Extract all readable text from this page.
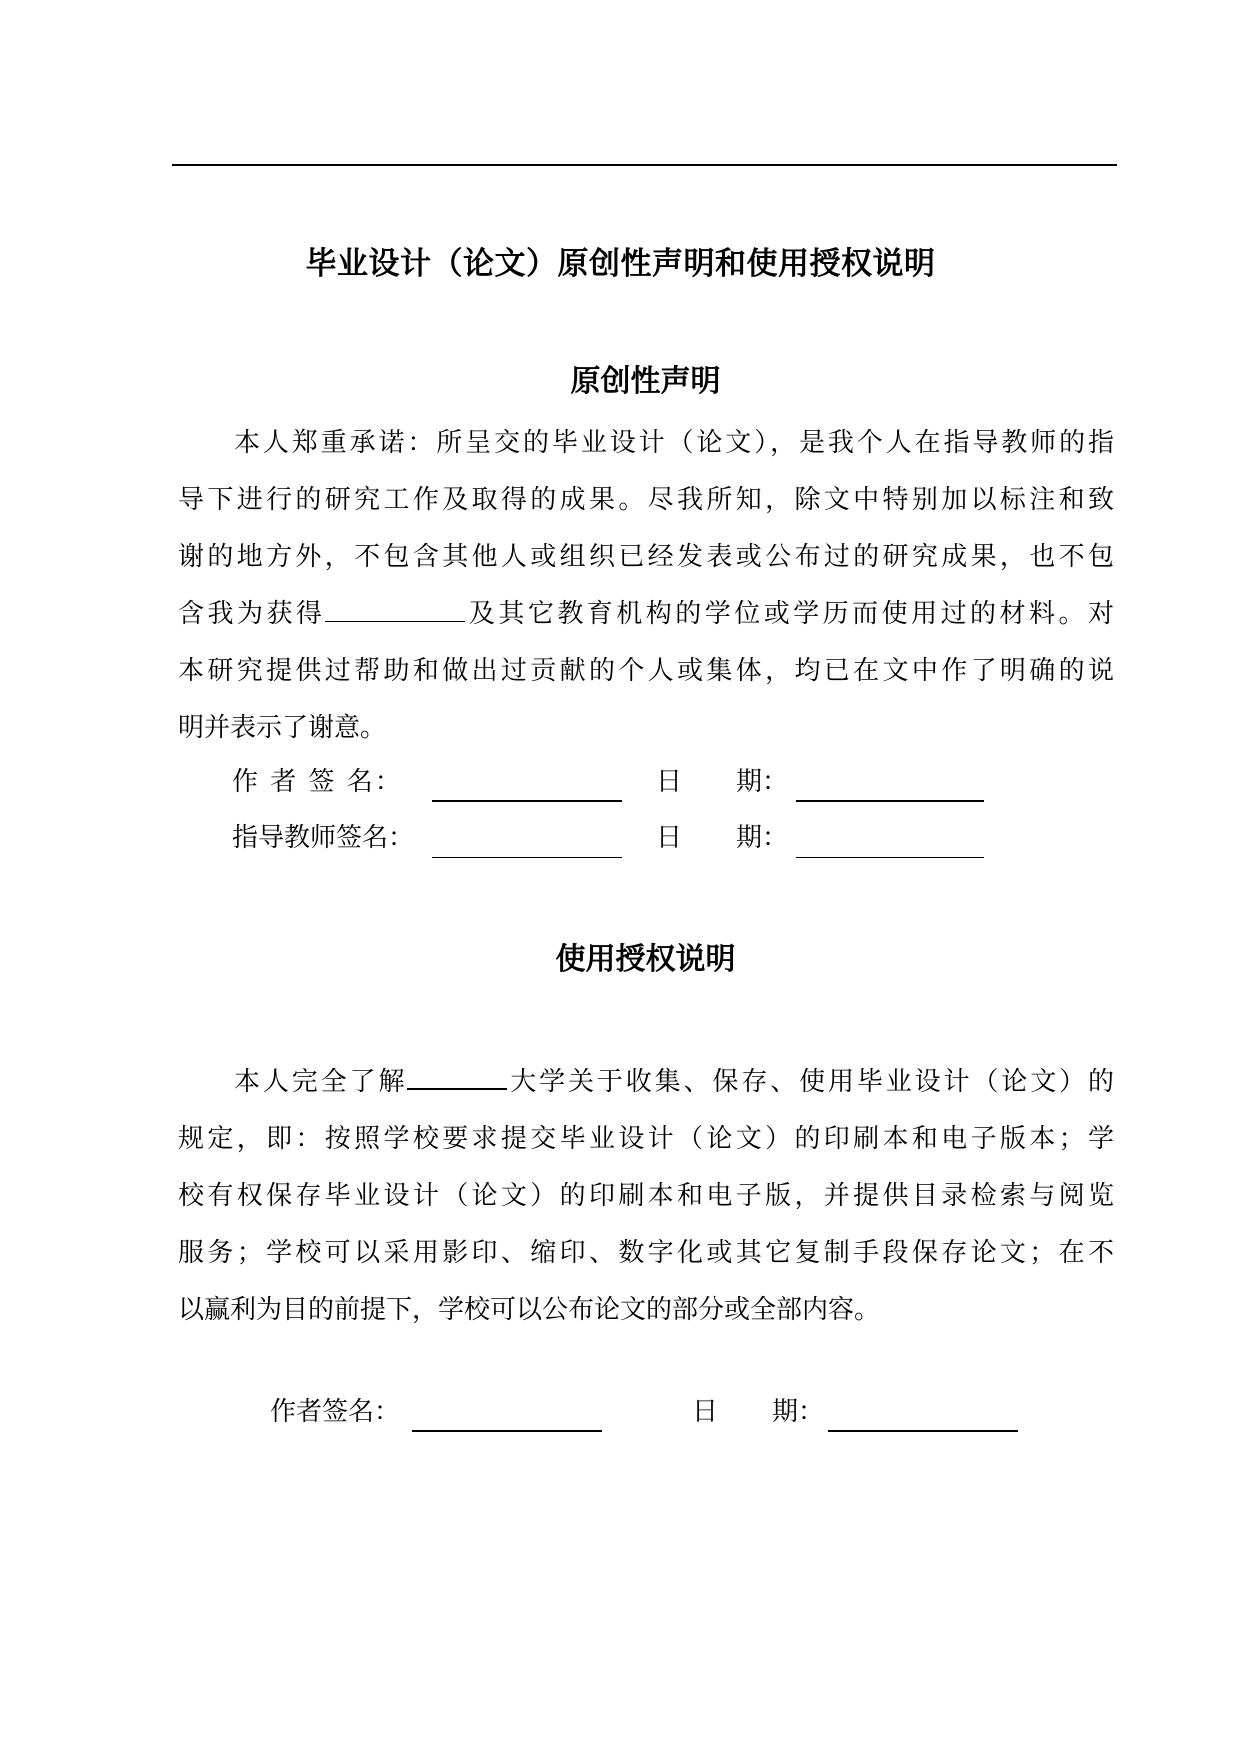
毕业设计（论文）原创性声明和使用授权说明
原创性声明
本人郑重承诺：所呈交的毕业设计（论文），是我个人在指导教师的指
导下进行的研究工作及取得的成果。尽我所知，除文中特别加以标注和致
谢的地方外，不包含其他人或组织已经发表或公布过的研究成果，也不包
含我为获得	及其它教育机构的学位或学历而使用过的材料。对
本研究提供过帮助和做出过贡献的个人或集体，均已在文中作了明确的说
明并表示了谢意。
作 者 签 名：	日 期：
指导教师签名：	日 期：
使用授权说明
本人完全了解	大学关于收集、保存、使用毕业设计（论文）的
规定，即：按照学校要求提交毕业设计（论文）的印刷本和电子版本；学
校有权保存毕业设计（论文）的印刷本和电子版，并提供目录检索与阅览
服务；学校可以采用影印、缩印、数字化或其它复制手段保存论文；在不
以赢利为目的前提下，学校可以公布论文的部分或全部内容。
作者签名：	日 期：
